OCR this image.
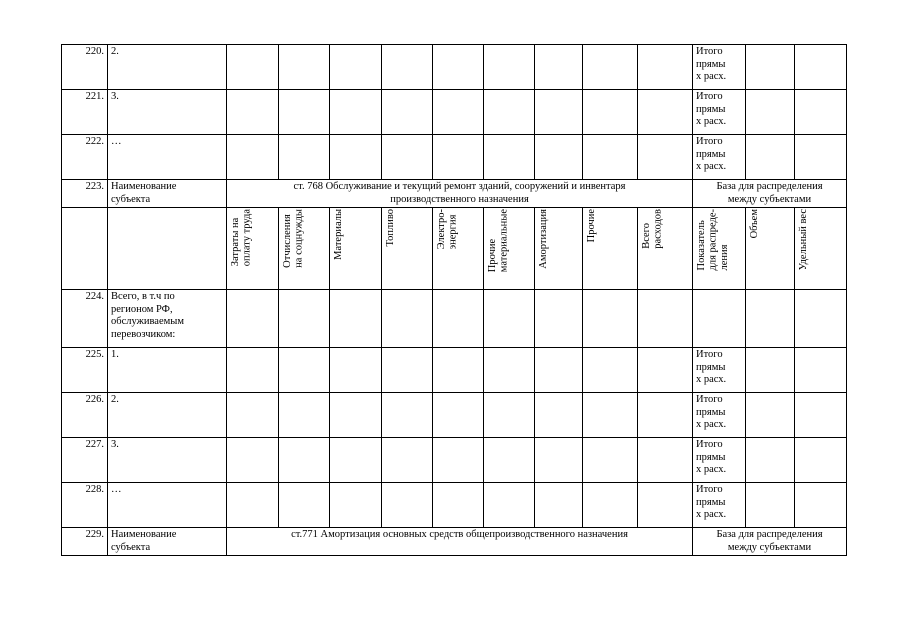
220.	2.										Итого
прямы
х расх.		
221.	3.										Итого
прямы
х расх.		
222.	…										Итого
прямы
х расх.		
223.	Наименование
субъекта	ст. 768 Обслуживание и текущий ремонт зданий, сооружений и инвентаря
производственного назначения									База для распределения
между субъектами		
		Затраты на
оплату труда	Отчисления
на соцнужды	Материалы	Топливо	Электро-
энергия	Прочие
материальные	Амортизация	Прочие	Всего
расходов	Показатель
для распреде-
ления	Объем	Удельный вес
224.	Всего, в т.ч по
регионом РФ,
обслуживаемым
перевозчиком:												
225.	1.										Итого
прямы
х расх.		
226.	2.										Итого
прямы
х расх.		
227.	3.										Итого
прямы
х расх.		
228.	…										Итого
прямы
х расх.		
229.	Наименование
субъекта	ст.771 Амортизация основных средств общепроизводственного назначения									База для распределения
между субъектами		
